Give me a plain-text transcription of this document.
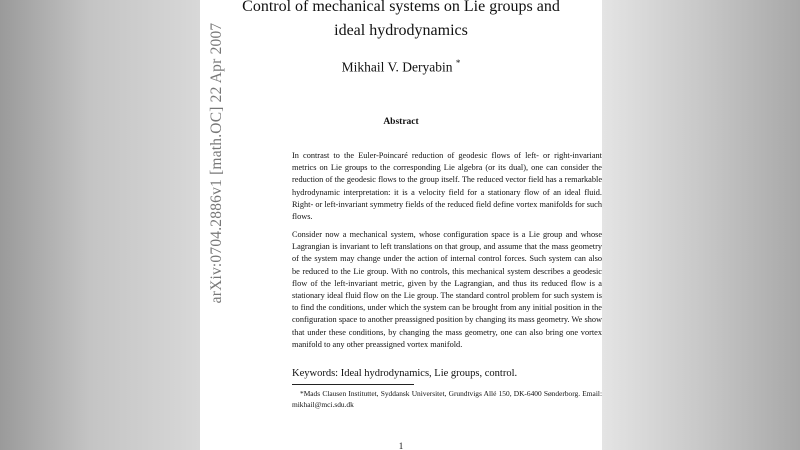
Control of mechanical systems on Lie groups and
ideal hydrodynamics
Mikhail V. Deryabin *
Abstract

In contrast to the Euler-Poincaré reduction of geodesic flows of left- or right-invariant metrics on Lie groups to the corresponding Lie algebra (or its dual), one can consider the reduction of the geodesic flows to the group itself. The reduced vector field has a remarkable hydrodynamic interpretation: it is a velocity field for a stationary flow of an ideal fluid. Right- or left-invariant symmetry fields of the reduced field define vortex manifolds for such flows.

Consider now a mechanical system, whose configuration space is a Lie group and whose Lagrangian is invariant to left translations on that group, and assume that the mass geometry of the system may change under the action of internal control forces. Such system can also be reduced to the Lie group. With no controls, this mechanical system describes a geodesic flow of the left-invariant metric, given by the Lagrangian, and thus its reduced flow is a stationary ideal fluid flow on the Lie group. The standard control problem for such system is to find the conditions, under which the system can be brought from any initial position in the configuration space to another preassigned position by changing its mass geometry. We show that under these conditions, by changing the mass geometry, one can also bring one vortex manifold to any other preassigned vortex manifold.

Keywords: Ideal hydrodynamics, Lie groups, control.

*Mads Clausen Instituttet, Syddansk Universitet, Grundtvigs Allé 150, DK-6400 Sønderborg. Email: mikhail@mci.sdu.dk

1
arXiv:0704.2886v1 [math.OC] 22 Apr 2007
